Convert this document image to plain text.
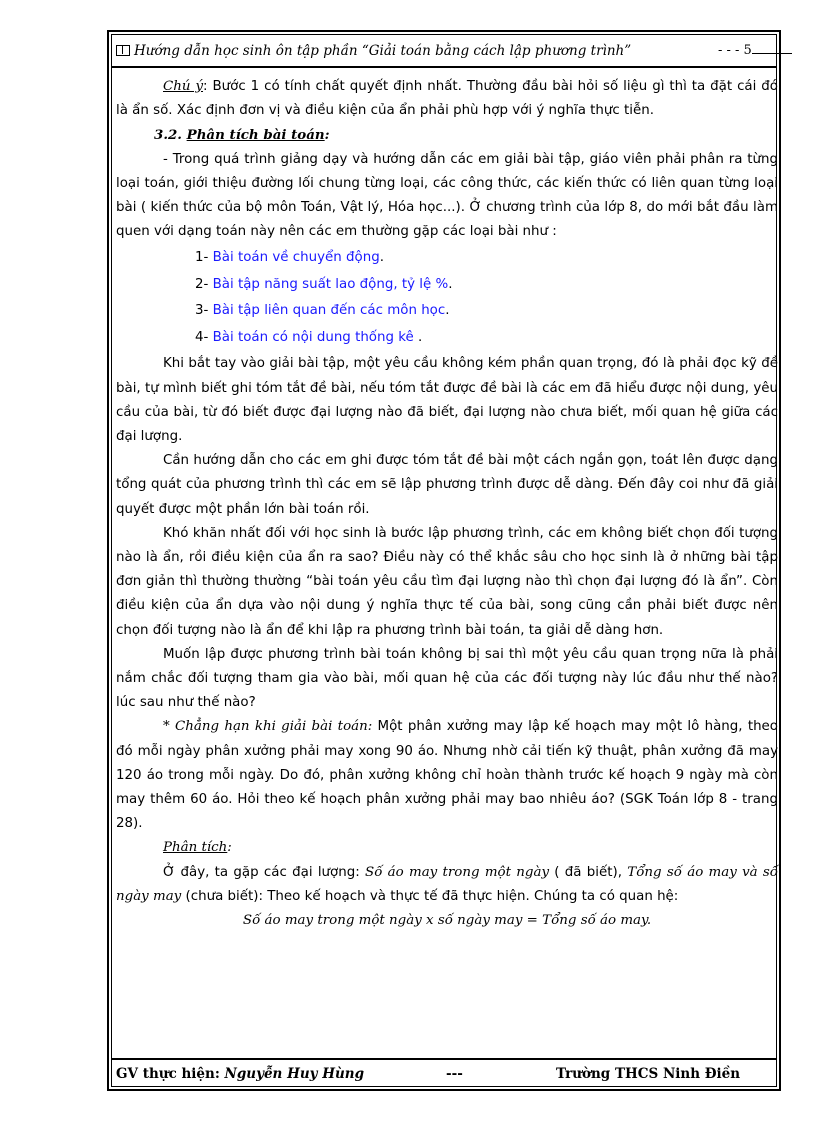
Hướng dẫn học sinh ôn tập phần “Giải toán bằng cách lập phương trình”	- - - 5

Chú ý: Bước 1 có tính chất quyết định nhất. Thường đầu bài hỏi số liệu gì thì ta đặt cái đó là ẩn số. Xác định đơn vị và điều kiện của ẩn phải phù hợp với ý nghĩa thực tiễn.

3.2. Phân tích bài toán:

- Trong quá trình giảng dạy và hướng dẫn các em giải bài tập, giáo viên phải phân ra từng loại toán, giới thiệu đường lối chung từng loại, các công thức, các kiến thức có liên quan từng loại bài ( kiến thức của bộ môn Toán, Vật lý, Hóa học...). Ở chương trình của lớp 8, do mới bắt đầu làm quen với dạng toán này nên các em thường gặp các loại bài như :

1- Bài toán về chuyển động.
2- Bài tập năng suất lao động, tỷ lệ %.
3- Bài tập liên quan đến các môn học.
4- Bài toán có nội dung thống kê .

Khi bắt tay vào giải bài tập, một yêu cầu không kém phần quan trọng, đó là phải đọc kỹ đề bài, tự mình biết ghi tóm tắt đề bài, nếu tóm tắt được đề bài là các em đã hiểu được nội dung, yêu cầu của bài, từ đó biết được đại lượng nào đã biết, đại lượng nào chưa biết, mối quan hệ giữa các đại lượng.

Cần hướng dẫn cho các em ghi được tóm tắt đề bài một cách ngắn gọn, toát lên được dạng tổng quát của phương trình thì các em sẽ lập phương trình được dễ dàng. Đến đây coi như đã giải quyết được một phần lớn bài toán rồi.

Khó khăn nhất đối với học sinh là bước lập phương trình, các em không biết chọn đối tượng nào là ẩn, rồi điều kiện của ẩn ra sao? Điều này có thể khắc sâu cho học sinh là ở những bài tập đơn giản thì thường thường “bài toán yêu cầu tìm đại lượng nào thì chọn đại lượng đó là ẩn”. Còn điều kiện của ẩn dựa vào nội dung ý nghĩa thực tế của bài, song cũng cần phải biết được nên chọn đối tượng nào là ẩn để khi lập ra phương trình bài toán, ta giải dễ dàng hơn.

Muốn lập được phương trình bài toán không bị sai thì một yêu cầu quan trọng nữa là phải nắm chắc đối tượng tham gia vào bài, mối quan hệ của các đối tượng này lúc đầu như thế nào? lúc sau như thế nào?

* Chẳng hạn khi giải bài toán: Một phân xưởng may lập kế hoạch may một lô hàng, theo đó mỗi ngày phân xưởng phải may xong 90 áo. Nhưng nhờ cải tiến kỹ thuật, phân xưởng đã may 120 áo trong mỗi ngày. Do đó, phân xưởng không chỉ hoàn thành trước kế hoạch 9 ngày mà còn may thêm 60 áo. Hỏi theo kế hoạch phân xưởng phải may bao nhiêu áo? (SGK Toán lớp 8 - trang 28).

Phân tích:

Ở đây, ta gặp các đại lượng: Số áo may trong một ngày ( đã biết), Tổng số áo may và số ngày may (chưa biết): Theo kế hoạch và thực tế đã thực hiện. Chúng ta có quan hệ:

Số áo may trong một ngày x số ngày may = Tổng số áo may.

GV thực hiện: Nguyễn Huy Hùng	---	Trường THCS Ninh Điền
